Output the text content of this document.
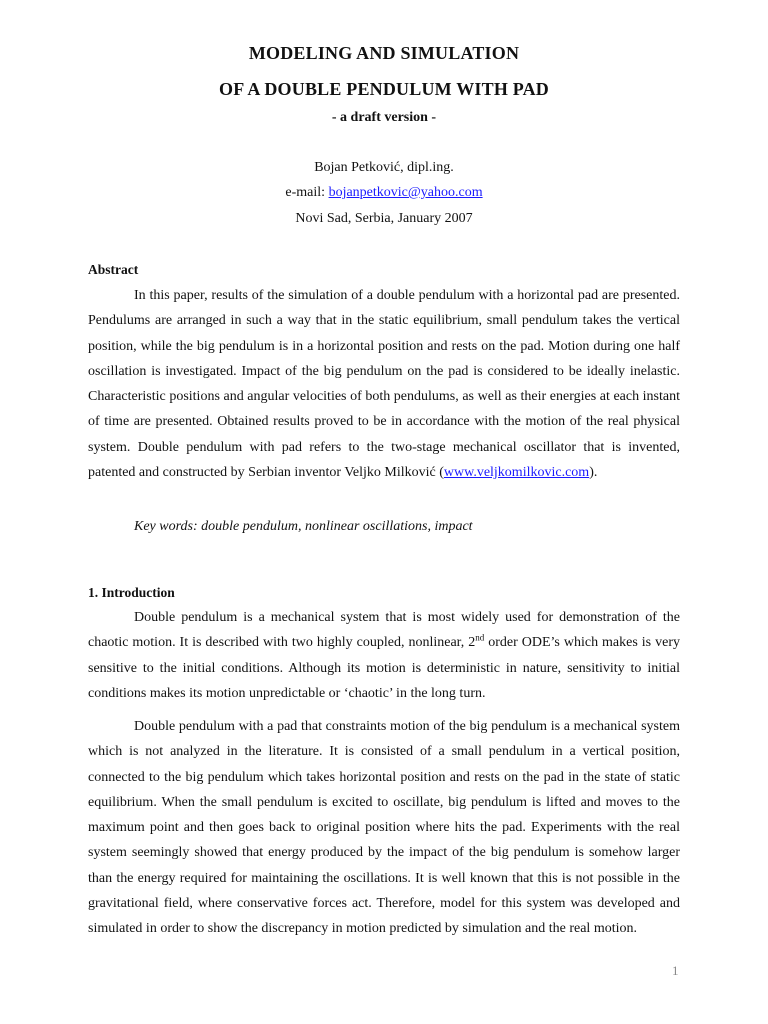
MODELING AND SIMULATION
OF A DOUBLE PENDULUM WITH PAD
- a draft version -
Bojan Petković, dipl.ing.
e-mail: bojanpetkovic@yahoo.com
Novi Sad, Serbia, January 2007
Abstract

In this paper, results of the simulation of a double pendulum with a horizontal pad are presented. Pendulums are arranged in such a way that in the static equilibrium, small pendulum takes the vertical position, while the big pendulum is in a horizontal position and rests on the pad. Motion during one half oscillation is investigated. Impact of the big pendulum on the pad is considered to be ideally inelastic. Characteristic positions and angular velocities of both pendulums, as well as their energies at each instant of time are presented. Obtained results proved to be in accordance with the motion of the real physical system. Double pendulum with pad refers to the two-stage mechanical oscillator that is invented, patented and constructed by Serbian inventor Veljko Milković (www.veljkomilkovic.com).

Key words: double pendulum, nonlinear oscillations, impact
1. Introduction

Double pendulum is a mechanical system that is most widely used for demonstration of the chaotic motion. It is described with two highly coupled, nonlinear, 2nd order ODE’s which makes is very sensitive to the initial conditions. Although its motion is deterministic in nature, sensitivity to initial conditions makes its motion unpredictable or ‘chaotic’ in the long turn.

Double pendulum with a pad that constraints motion of the big pendulum is a mechanical system which is not analyzed in the literature. It is consisted of a small pendulum in a vertical position, connected to the big pendulum which takes horizontal position and rests on the pad in the state of static equilibrium. When the small pendulum is excited to oscillate, big pendulum is lifted and moves to the maximum point and then goes back to original position where hits the pad. Experiments with the real system seemingly showed that energy produced by the impact of the big pendulum is somehow larger than the energy required for maintaining the oscillations. It is well known that this is not possible in the gravitational field, where conservative forces act. Therefore, model for this system was developed and simulated in order to show the discrepancy in motion predicted by simulation and the real motion.

1
